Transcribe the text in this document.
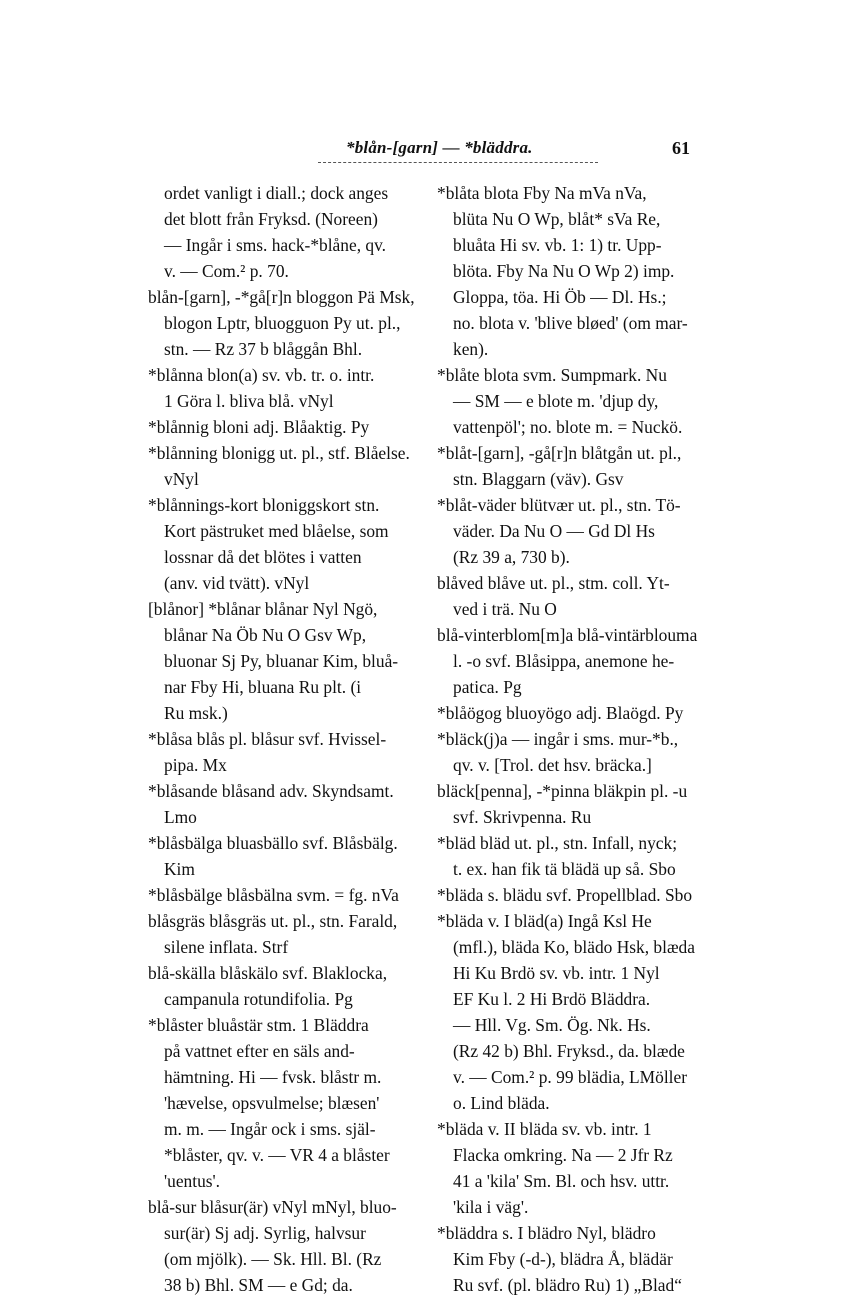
*blån-[garn] — *bläddra.	61
ordet vanligt i diall.; dock anges
det blott från Fryksd. (Noreen)
— Ingår i sms. hack-*blåne, qv.
v. — Com.² p. 70.
blån-[garn], -*gå[r]n bloggon Pä Msk,
blogon Lptr, bluogguon Py ut. pl.,
stn. — Rz 37 b blåggån Bhl.
*blånna blon(a) sv. vb. tr. o. intr.
1 Göra l. bliva blå. vNyl
*blånnig bloni adj. Blåaktig. Py
*blånning blonigg ut. pl., stf. Blåelse.
vNyl
*blånnings-kort bloniggskort stn.
Kort pästruket med blåelse, som
lossnar då det blötes i vatten
(anv. vid tvätt). vNyl
[blånor] *blånar blånar Nyl Ngö,
blånar Na Öb Nu O Gsv Wp,
bluonar Sj Py, bluanar Kim, bluå-
nar Fby Hi, bluana Ru plt. (i
Ru msk.)
*blåsa blås pl. blåsur svf. Hvissel-
pipa. Mx
*blåsande blåsand adv. Skyndsamt.
Lmo
*blåsbälga bluasbällo svf. Blåsbälg.
Kim
*blåsbälge blåsbälna svm. = fg. nVa
blåsgräs blåsgräs ut. pl., stn. Farald,
silene inflata. Strf
blå-skälla blåskälo svf. Blaklocka,
campanula rotundifolia. Pg
*blåster bluåstär stm. 1 Bläddra
på vattnet efter en säls and-
hämtning. Hi — fvsk. blåstr m.
'hævelse, opsvulmelse; blæsen'
m. m. — Ingår ock i sms. själ-
*blåster, qv. v. — VR 4 a blåster
'uentus'.
blå-sur blåsur(är) vNyl mNyl, bluo-
sur(är) Sj adj. Syrlig, halvsur
(om mjölk). — Sk. Hll. Bl. (Rz
38 b) Bhl. SM — e Gd; da.
*blåta blota Fby Na mVa nVa,
blüta Nu O Wp, blåt* sVa Re,
bluåta Hi sv. vb. 1: 1) tr. Upp-
blöta. Fby Na Nu O Wp 2) imp.
Gloppa, töa. Hi Öb — Dl. Hs.;
no. blota v. 'blive bløed' (om mar-
ken).
*blåte blota svm. Sumpmark. Nu
— SM — e blote m. 'djup dy,
vattenpöl'; no. blote m. = Nuckö.
*blåt-[garn], -gå[r]n blåtgån ut. pl.,
stn. Blaggarn (väv). Gsv
*blåt-väder blütvær ut. pl., stn. Tö-
väder. Da Nu O — Gd Dl Hs
(Rz 39 a, 730 b).
blåved blåve ut. pl., stm. coll. Yt-
ved i trä. Nu O
blå-vinterblom[m]a blå-vintärblouma
l. -o svf. Blåsippa, anemone he-
patica. Pg
*blåögog bluoyögo adj. Blaögd. Py
*bläck(j)a — ingår i sms. mur-*b.,
qv. v. [Trol. det hsv. bräcka.]
bläck[penna], -*pinna bläkpin pl. -u
svf. Skrivpenna. Ru
*bläd bläd ut. pl., stn. Infall, nyck;
t. ex. han fik tä blädä up så. Sbo
*bläda s. blädu svf. Propellblad. Sbo
*bläda v. I bläd(a) Ingå Ksl He
(mfl.), bläda Ko, blädo Hsk, blæda
Hi Ku Brdö sv. vb. intr. 1 Nyl
EF Ku l. 2 Hi Brdö Bläddra.
— Hll. Vg. Sm. Ög. Nk. Hs.
(Rz 42 b) Bhl. Fryksd., da. blæde
v. — Com.² p. 99 blädia, LMöller
o. Lind bläda.
*bläda v. II bläda sv. vb. intr. 1
Flacka omkring. Na — 2 Jfr Rz
41 a 'kila' Sm. Bl. och hsv. uttr.
'kila i väg'.
*bläddra s. I blädro Nyl, blädro
Kim Fby (-d-), blädra Å, blädär
Ru svf. (pl. blädro Ru) 1) „Blad“
